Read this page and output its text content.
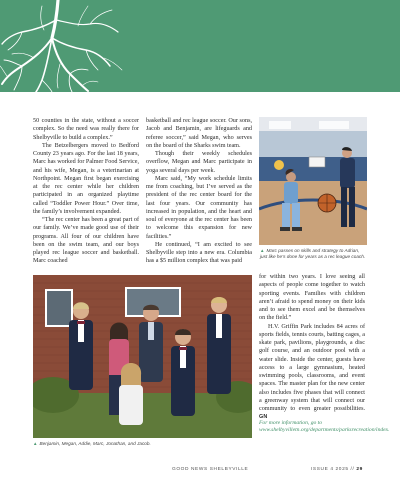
50 counties in the state, without a soccer complex. So the need was really there for Shelbyville to build a complex.”

The Betzelbergers moved to Bedford County 23 years ago. For the last 18 years, Marc has worked for Palmer Food Service, and his wife, Megan, is a veterinarian at Northpoint. Megan first began exercising at the rec center while her children participated in an organized playtime called “Toddler Power Hour.” Over time, the family’s involvement expanded.

“The rec center has been a great part of our family. We’ve made good use of their programs. All four of our children have been on the swim team, and our boys played rec league soccer and basketball. Marc coached

basketball and rec league soccer. Our sons, Jacob and Benjamin, are lifeguards and referee soccer,” said Megan, who serves on the board of the Sharks swim team.

Though their weekly schedules overflow, Megan and Marc participate in yoga several days per week.

Marc said, “My work schedule limits me from coaching, but I’ve served as the president of the rec center board for the last four years. Our community has increased in population, and the heart and soul of everyone at the rec center has been to welcome this expansion for new facilities.”

He continued, “I am excited to see Shelbyville step into a new era. Columbia has a $5 million complex that was paid

▲ Marc passes on skills and strategy to Adrian, just like he’s done for years as a rec league coach.
▲ Benjamin, Megan, Addie, Marc, Jonathan, and Jacob.

for within two years. I love seeing all aspects of people come together to watch sporting events. Families with children aren’t afraid to spend money on their kids and to see them excel and be themselves on the field.”

H.V. Griffin Park includes 84 acres of sports fields, tennis courts, batting cages, a skate park, pavilions, playgrounds, a disc golf course, and an outdoor pool with a water slide. Inside the center, guests have access to a large gymnasium, heated swimming pools, classrooms, and event spaces. The master plan for the new center also includes five phases that will connect a greenway system that will connect our community to even greater possibilities. GN

For more information, go to www.shelbyvilletn.org/departments/parksrecreation/index.
GOOD NEWS SHELBYVILLE	ISSUE 4 2025 // 29
